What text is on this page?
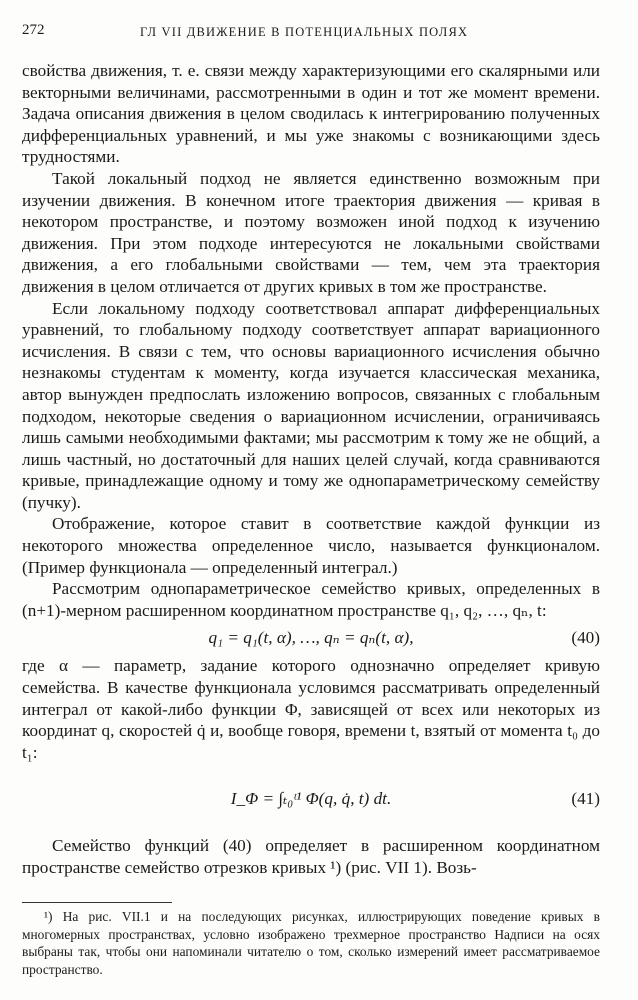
272	ГЛ VII ДВИЖЕНИЕ В ПОТЕНЦИАЛЬНЫХ ПОЛЯХ

свойства движения, т. е. связи между характеризующими его скалярными или векторными величинами, рассмотренными в один и тот же момент времени. Задача описания движения в целом сводилась к интегрированию полученных дифференциальных уравнений, и мы уже знакомы с возникающими здесь трудностями.

Такой локальный подход не является единственно возможным при изучении движения. В конечном итоге траектория движения — кривая в некотором пространстве, и поэтому возможен иной подход к изучению движения. При этом подходе интересуются не локальными свойствами движения, а его глобальными свойствами — тем, чем эта траектория движения в целом отличается от других кривых в том же пространстве.

Если локальному подходу соответствовал аппарат дифференциальных уравнений, то глобальному подходу соответствует аппарат вариационного исчисления. В связи с тем, что основы вариационного исчисления обычно незнакомы студентам к моменту, когда изучается классическая механика, автор вынужден предпослать изложению вопросов, связанных с глобальным подходом, некоторые сведения о вариационном исчислении, ограничиваясь лишь самыми необходимыми фактами; мы рассмотрим к тому же не общий, а лишь частный, но достаточный для наших целей случай, когда сравниваются кривые, принадлежащие одному и тому же однопараметрическому семейству (пучку).

Отображение, которое ставит в соответствие каждой функции из некоторого множества определенное число, называется функционалом. (Пример функционала — определенный интеграл.)

Рассмотрим однопараметрическое семейство кривых, определенных в (n+1)-мерном расширенном координатном пространстве q₁, q₂, …, qₙ, t:

q₁ = q₁(t, α), …, qₙ = qₙ(t, α),	(40)

где α — параметр, задание которого однозначно определяет кривую семейства. В качестве функционала условимся рассматривать определенный интеграл от какой-либо функции Φ, зависящей от всех или некоторых из координат q, скоростей q̇ и, вообще говоря, времени t, взятый от момента t₀ до t₁:

I_Φ = ∫ₜ₀ᵗ¹ Φ(q, q̇, t) dt.	(41)

Семейство функций (40) определяет в расширенном координатном пространстве семейство отрезков кривых ¹) (рис. VII 1). Возь-

¹) На рис. VII.1 и на последующих рисунках, иллюстрирующих поведение кривых в многомерных пространствах, условно изображено трехмерное пространство Надписи на осях выбраны так, чтобы они напоминали читателю о том, сколько измерений имеет рассматриваемое пространство.
